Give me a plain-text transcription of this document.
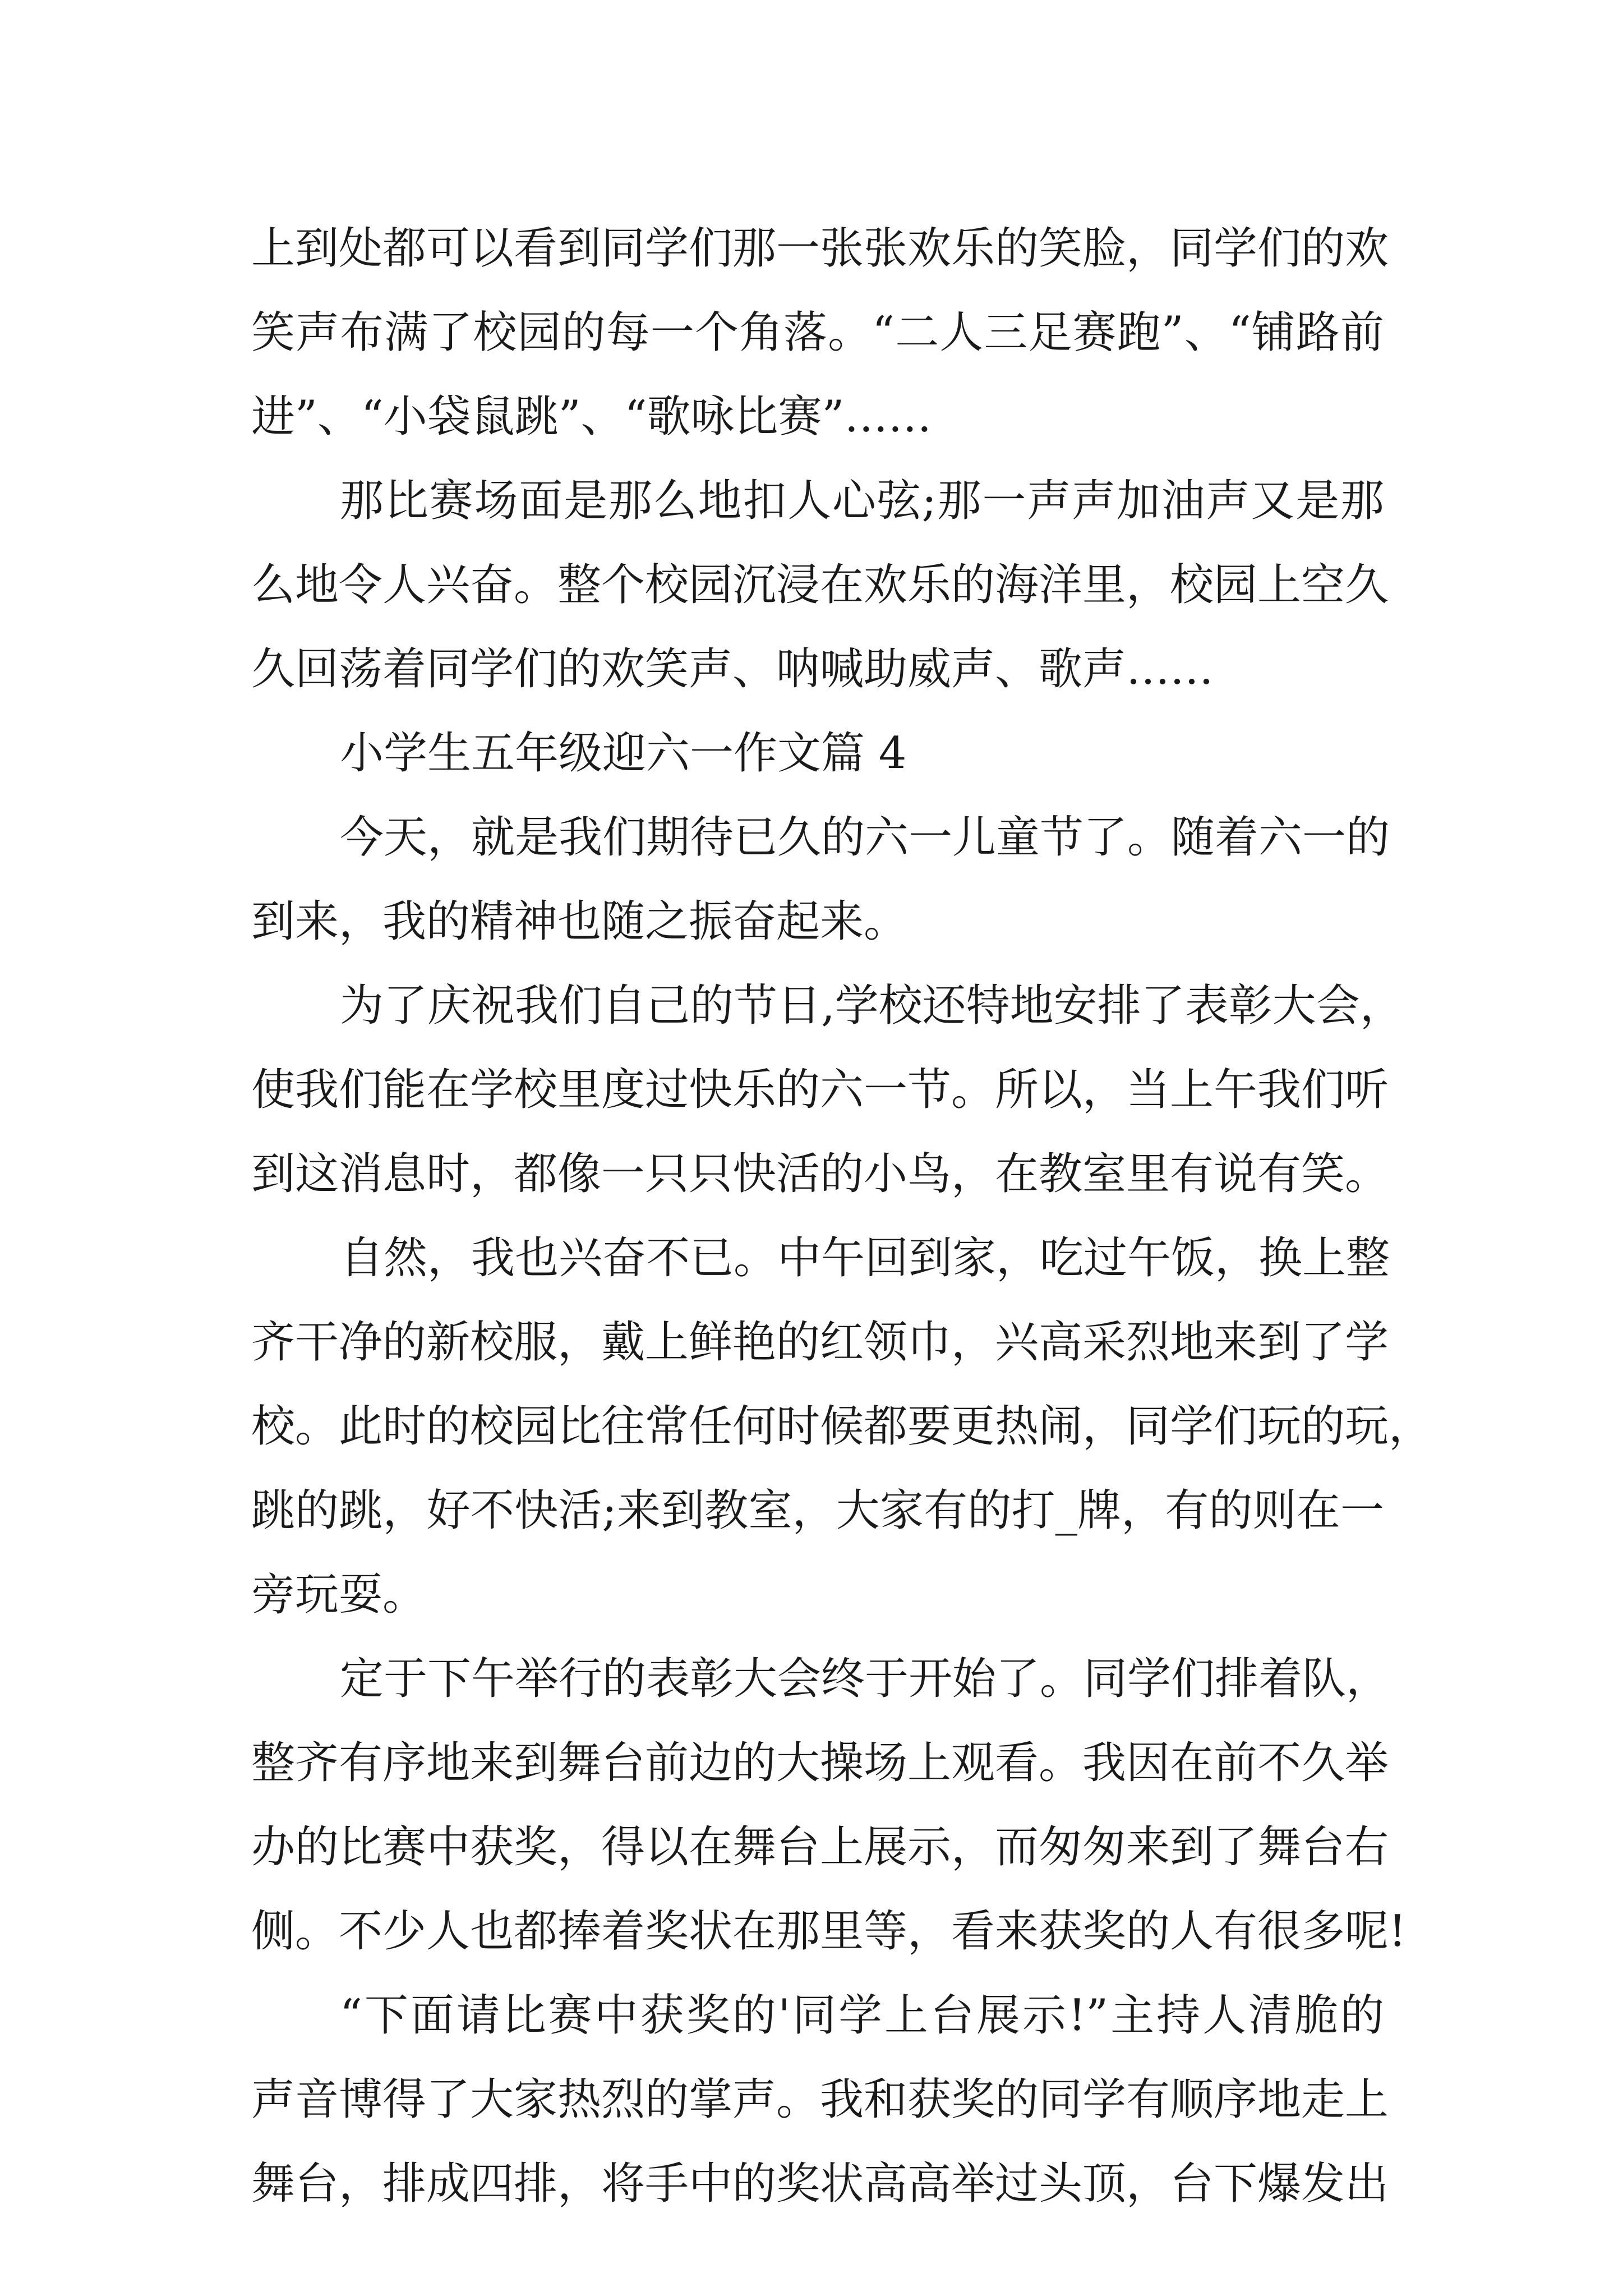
上到处都可以看到同学们那一张张欢乐的笑脸，同学们的欢
笑声布满了校园的每一个角落。“二人三足赛跑”、“铺路前
进”、“小袋鼠跳”、“歌咏比赛”……
那比赛场面是那么地扣人心弦;那一声声加油声又是那
么地令人兴奋。整个校园沉浸在欢乐的海洋里，校园上空久
久回荡着同学们的欢笑声、呐喊助威声、歌声……
小学生五年级迎六一作文篇 4
今天，就是我们期待已久的六一儿童节了。随着六一的
到来，我的精神也随之振奋起来。
为了庆祝我们自己的节日,学校还特地安排了表彰大会，
使我们能在学校里度过快乐的六一节。所以，当上午我们听
到这消息时，都像一只只快活的小鸟，在教室里有说有笑。
自然，我也兴奋不已。中午回到家，吃过午饭，换上整
齐干净的新校服，戴上鲜艳的红领巾，兴高采烈地来到了学
校。此时的校园比往常任何时候都要更热闹，同学们玩的玩，
跳的跳，好不快活;来到教室，大家有的打_牌，有的则在一
旁玩耍。
定于下午举行的表彰大会终于开始了。同学们排着队，
整齐有序地来到舞台前边的大操场上观看。我因在前不久举
办的比赛中获奖，得以在舞台上展示，而匆匆来到了舞台右
侧。不少人也都捧着奖状在那里等，看来获奖的人有很多呢!
“下面请比赛中获奖的'同学上台展示!”主持人清脆的
声音博得了大家热烈的掌声。我和获奖的同学有顺序地走上
舞台，排成四排，将手中的奖状高高举过头顶，台下爆发出
